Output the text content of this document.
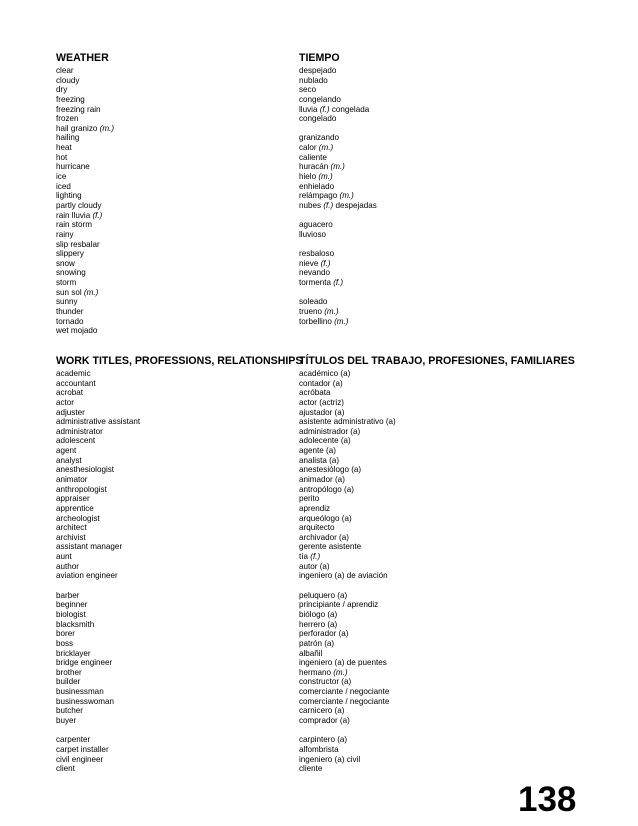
WEATHER
clear
cloudy
dry
freezing
freezing rain
frozen
hail granizo (m.)
hailing
heat
hot
hurricane
ice
iced
lighting
partly cloudy
rain lluvia (f.)
rain storm
rainy
slip resbalar
slippery
snow
snowing
storm
sun sol (m.)
sunny
thunder
tornado
wet mojado
WORK TITLES, PROFESSIONS, RELATIONSHIPS
academic
accountant
acrobat
actor
adjuster
administrative assistant
administrator
adolescent
agent
analyst
anesthesiologist
animator
anthropologist
appraiser
apprentice
archeologist
architect
archivist
assistant manager
aunt
author
aviation engineer
barber
beginner
biologist
blacksmith
borer
boss
bricklayer
bridge engineer
brother
builder
businessman
businesswoman
butcher
buyer
carpenter
carpet installer
civil engineer
client
TIEMPO
despejado
nublado
seco
congelando
lluvia (f.) congelada
congelado
granizando
calor (m.)
caliente
huracán (m.)
hielo (m.)
enhielado
relámpago (m.)
nubes (f.) despejadas
aguacero
lluvioso
resbaloso
nieve (f.)
nevando
tormenta (f.)
soleado
trueno (m.)
torbellino (m.)
TÍTULOS DEL TRABAJO, PROFESIONES, FAMILIARES
académico (a)
contador (a)
acróbata
actor (actriz)
ajustador (a)
asistente administrativo (a)
administrador (a)
adolecente (a)
agente (a)
analista (a)
anestesiólogo (a)
animador (a)
antropólogo (a)
perito
aprendiz
arqueólogo (a)
arquitecto
archivador (a)
gerente asistente
tía (f.)
autor (a)
ingeniero (a) de aviación
peluquero (a)
principiante / aprendiz
biólogo (a)
herrero (a)
perforador (a)
patrón (a)
albañil
ingeniero (a) de puentes
hermano (m.)
constructor (a)
comerciante / negociante
comerciante / negociante
carnicero (a)
comprador (a)
carpintero (a)
alfombrista
ingeniero (a) civil
cliente
138
